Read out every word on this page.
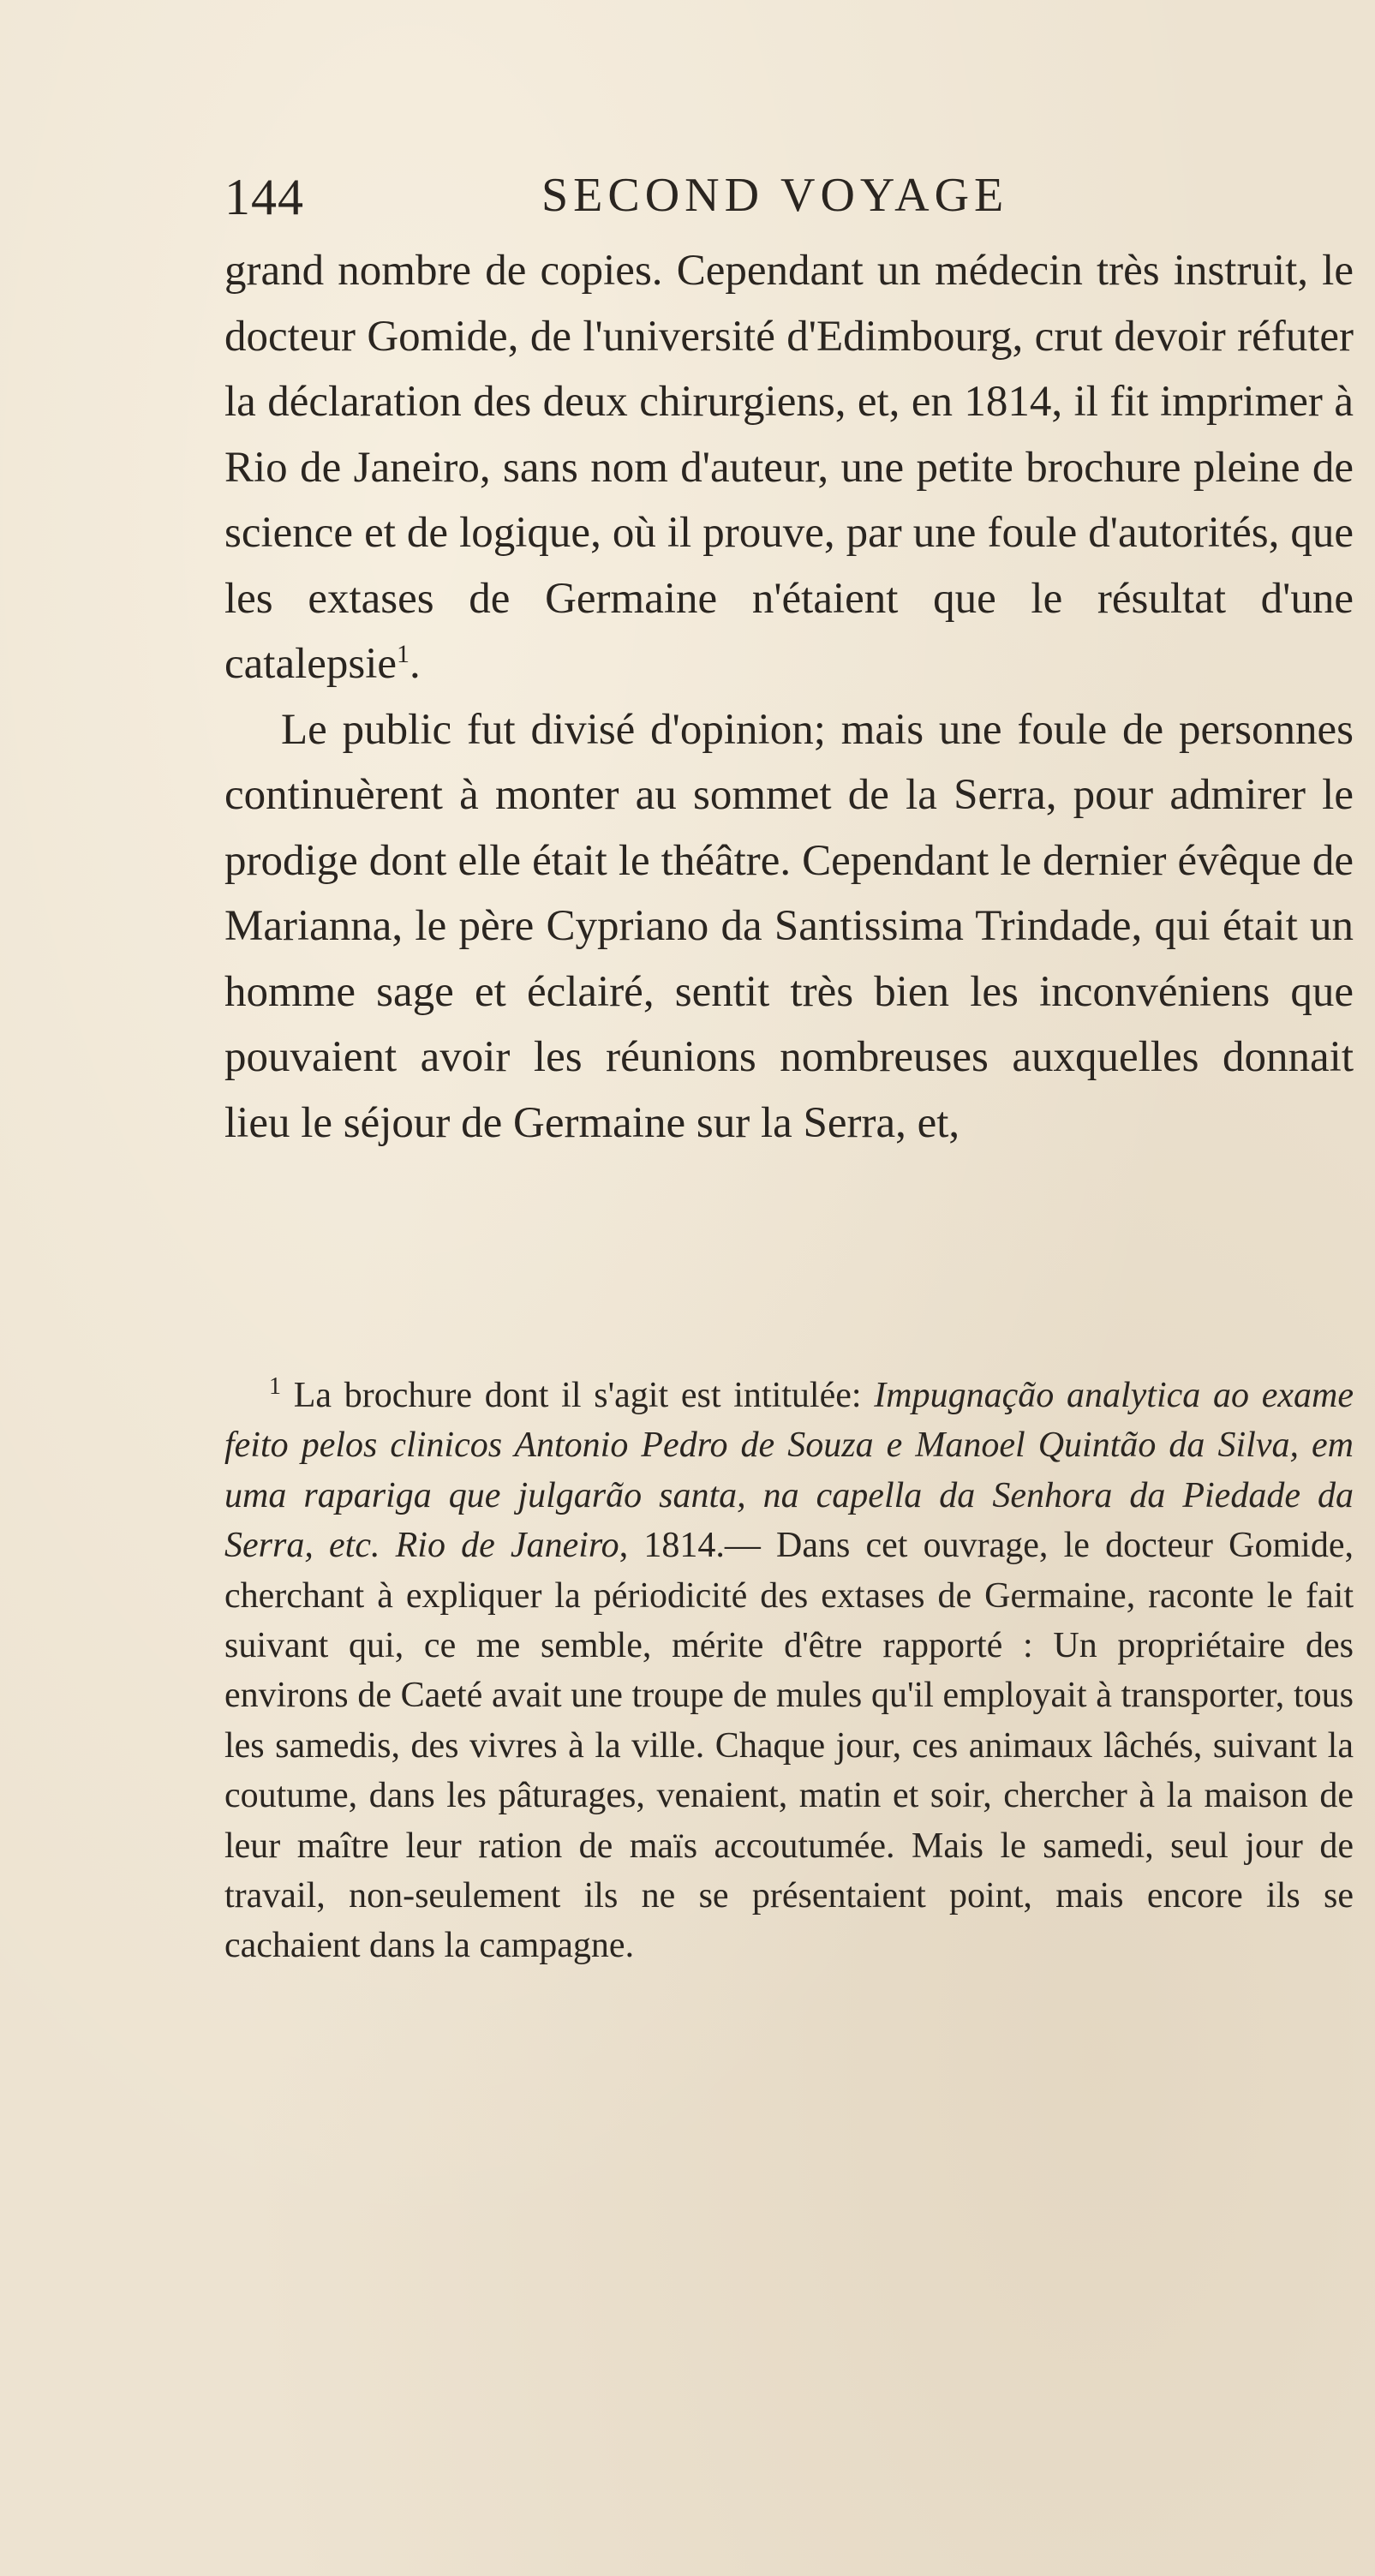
144	SECOND VOYAGE

grand nombre de copies. Cependant un médecin très instruit, le docteur Gomide, de l'université d'Edimbourg, crut devoir réfuter la déclaration des deux chirurgiens, et, en 1814, il fit imprimer à Rio de Janeiro, sans nom d'auteur, une petite brochure pleine de science et de logique, où il prouve, par une foule d'autorités, que les extases de Germaine n'étaient que le résultat d'une catalepsie$^1$.

Le public fut divisé d'opinion; mais une foule de personnes continuèrent à monter au sommet de la Serra, pour admirer le prodige dont elle était le théâtre. Cependant le dernier évêque de Marianna, le père Cypriano da Santissima Trindade, qui était un homme sage et éclairé, sentit très bien les inconvéniens que pouvaient avoir les réunions nombreuses auxquelles donnait lieu le séjour de Germaine sur la Serra, et,

$^1$ La brochure dont il s'agit est intitulée: Impugnação analytica ao exame feito pelos clinicos Antonio Pedro de Souza e Manoel Quintão da Silva, em uma rapariga que julgarão santa, na capella da Senhora da Piedade da Serra, etc. Rio de Janeiro, 1814.— Dans cet ouvrage, le docteur Gomide, cherchant à expliquer la périodicité des extases de Germaine, raconte le fait suivant qui, ce me semble, mérite d'être rapporté : Un propriétaire des environs de Caeté avait une troupe de mules qu'il employait à transporter, tous les samedis, des vivres à la ville. Chaque jour, ces animaux lâchés, suivant la coutume, dans les pâturages, venaient, matin et soir, chercher à la maison de leur maître leur ration de maïs accoutumée. Mais le samedi, seul jour de travail, non-seulement ils ne se présentaient point, mais encore ils se cachaient dans la campagne.
